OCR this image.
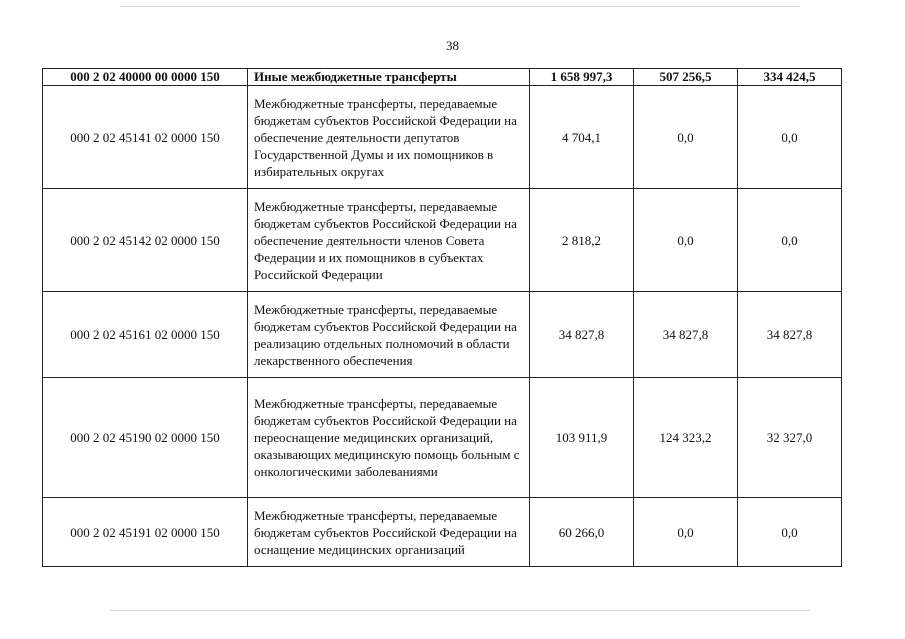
38
000 2 02 40000 00 0000 150	Иные межбюджетные трансферты	1 658 997,3	507 256,5	334 424,5
000 2 02 45141 02 0000 150	Межбюджетные трансферты, передаваемые бюджетам субъектов Российской Федерации на обеспечение деятельности депутатов Государственной Думы и их помощников в избирательных округах	4 704,1	0,0	0,0
000 2 02 45142 02 0000 150	Межбюджетные трансферты, передаваемые бюджетам субъектов Российской Федерации на обеспечение деятельности членов Совета Федерации и их помощников в субъектах Российской Федерации	2 818,2	0,0	0,0
000 2 02 45161 02 0000 150	Межбюджетные трансферты, передаваемые бюджетам субъектов Российской Федерации на реализацию отдельных полномочий в области лекарственного обеспечения	34 827,8	34 827,8	34 827,8
000 2 02 45190 02 0000 150	Межбюджетные трансферты, передаваемые бюджетам субъектов Российской Федерации на переоснащение медицинских организаций, оказывающих медицинскую помощь больным с онкологическими заболеваниями	103 911,9	124 323,2	32 327,0
000 2 02 45191 02 0000 150	Межбюджетные трансферты, передаваемые бюджетам субъектов Российской Федерации на оснащение медицинских организаций	60 266,0	0,0	0,0
